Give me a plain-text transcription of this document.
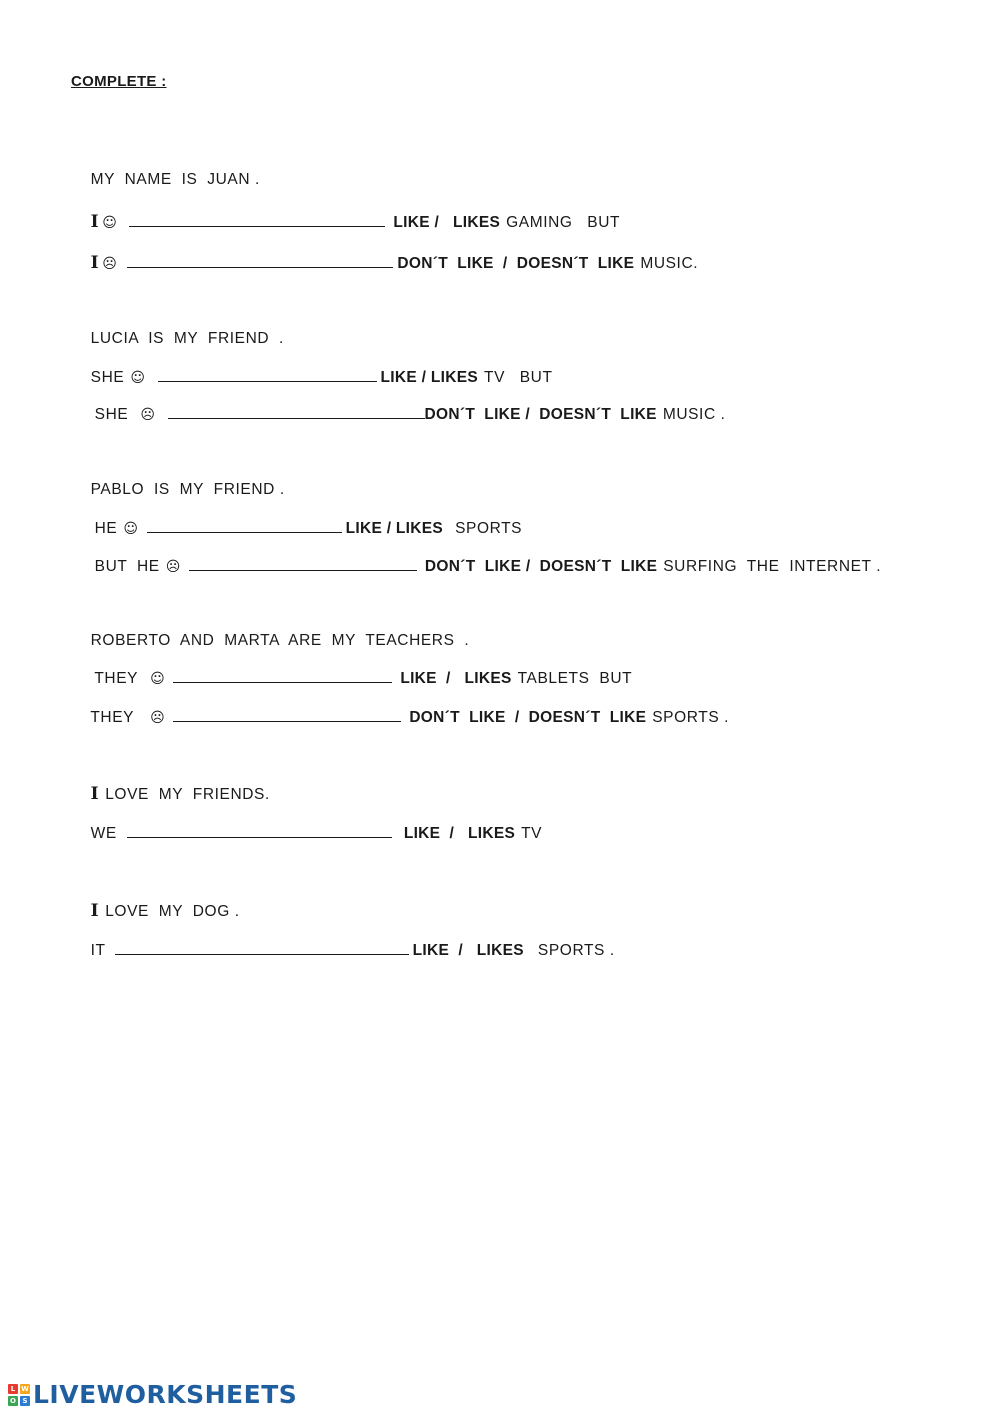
COMPLETE :

MY  NAME  IS  JUAN .

I ☺	LIKE /   LIKES GAMING   BUT

I ☹	DON´T  LIKE  /  DOESN´T  LIKE MUSIC.

LUCIA  IS  MY  FRIEND  .

SHE ☺	LIKE / LIKES TV   BUT

SHE ☹	DON´T  LIKE /  DOESN´T  LIKE MUSIC .

PABLO  IS  MY  FRIEND .

HE ☺	LIKE / LIKES SPORTS

BUT  HE ☹	DON´T  LIKE /  DOESN´T  LIKE SURFING  THE  INTERNET .

ROBERTO  AND  MARTA  ARE  MY  TEACHERS  .

THEY ☺	LIKE  /   LIKES TABLETS  BUT

THEY ☹	DON´T  LIKE  /  DOESN´T  LIKE SPORTS .

I LOVE  MY  FRIENDS.

WE	LIKE  /   LIKES TV

I LOVE  MY  DOG .

IT	LIKE  /   LIKES SPORTS .

L W
O S LIVEWORKSHEETS
